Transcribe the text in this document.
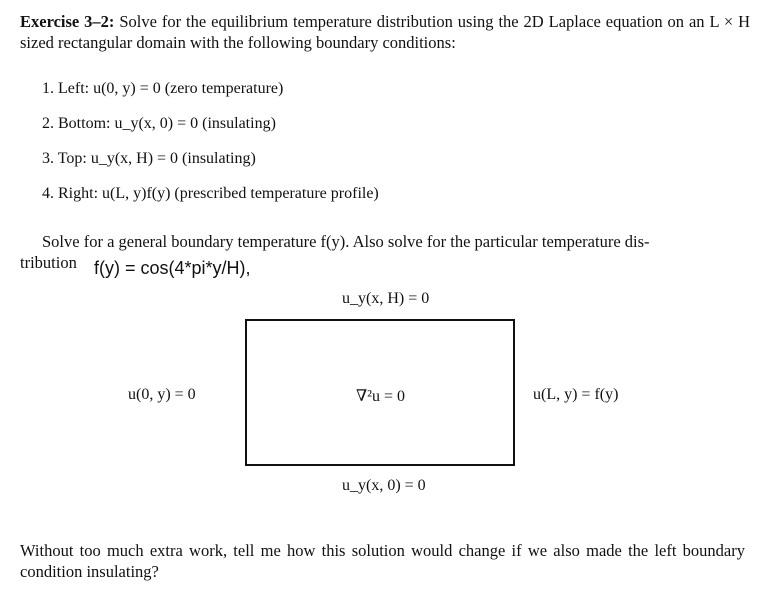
Exercise 3–2: Solve for the equilibrium temperature distribution using the 2D Laplace equation on an L × H sized rectangular domain with the following boundary conditions:
1. Left: u(0, y) = 0 (zero temperature)
2. Bottom: u_y(x, 0) = 0 (insulating)
3. Top: u_y(x, H) = 0 (insulating)
4. Right: u(L, y)f(y) (prescribed temperature profile)
Solve for a general boundary temperature f(y). Also solve for the particular temperature dis-
tribution f(y) = cos(4*pi*y/H),
u_y(x, H) = 0
u(0, y) = 0	∇²u = 0	u(L, y) = f(y)
u_y(x, 0) = 0
Without too much extra work, tell me how this solution would change if we also made the left boundary condition insulating?
